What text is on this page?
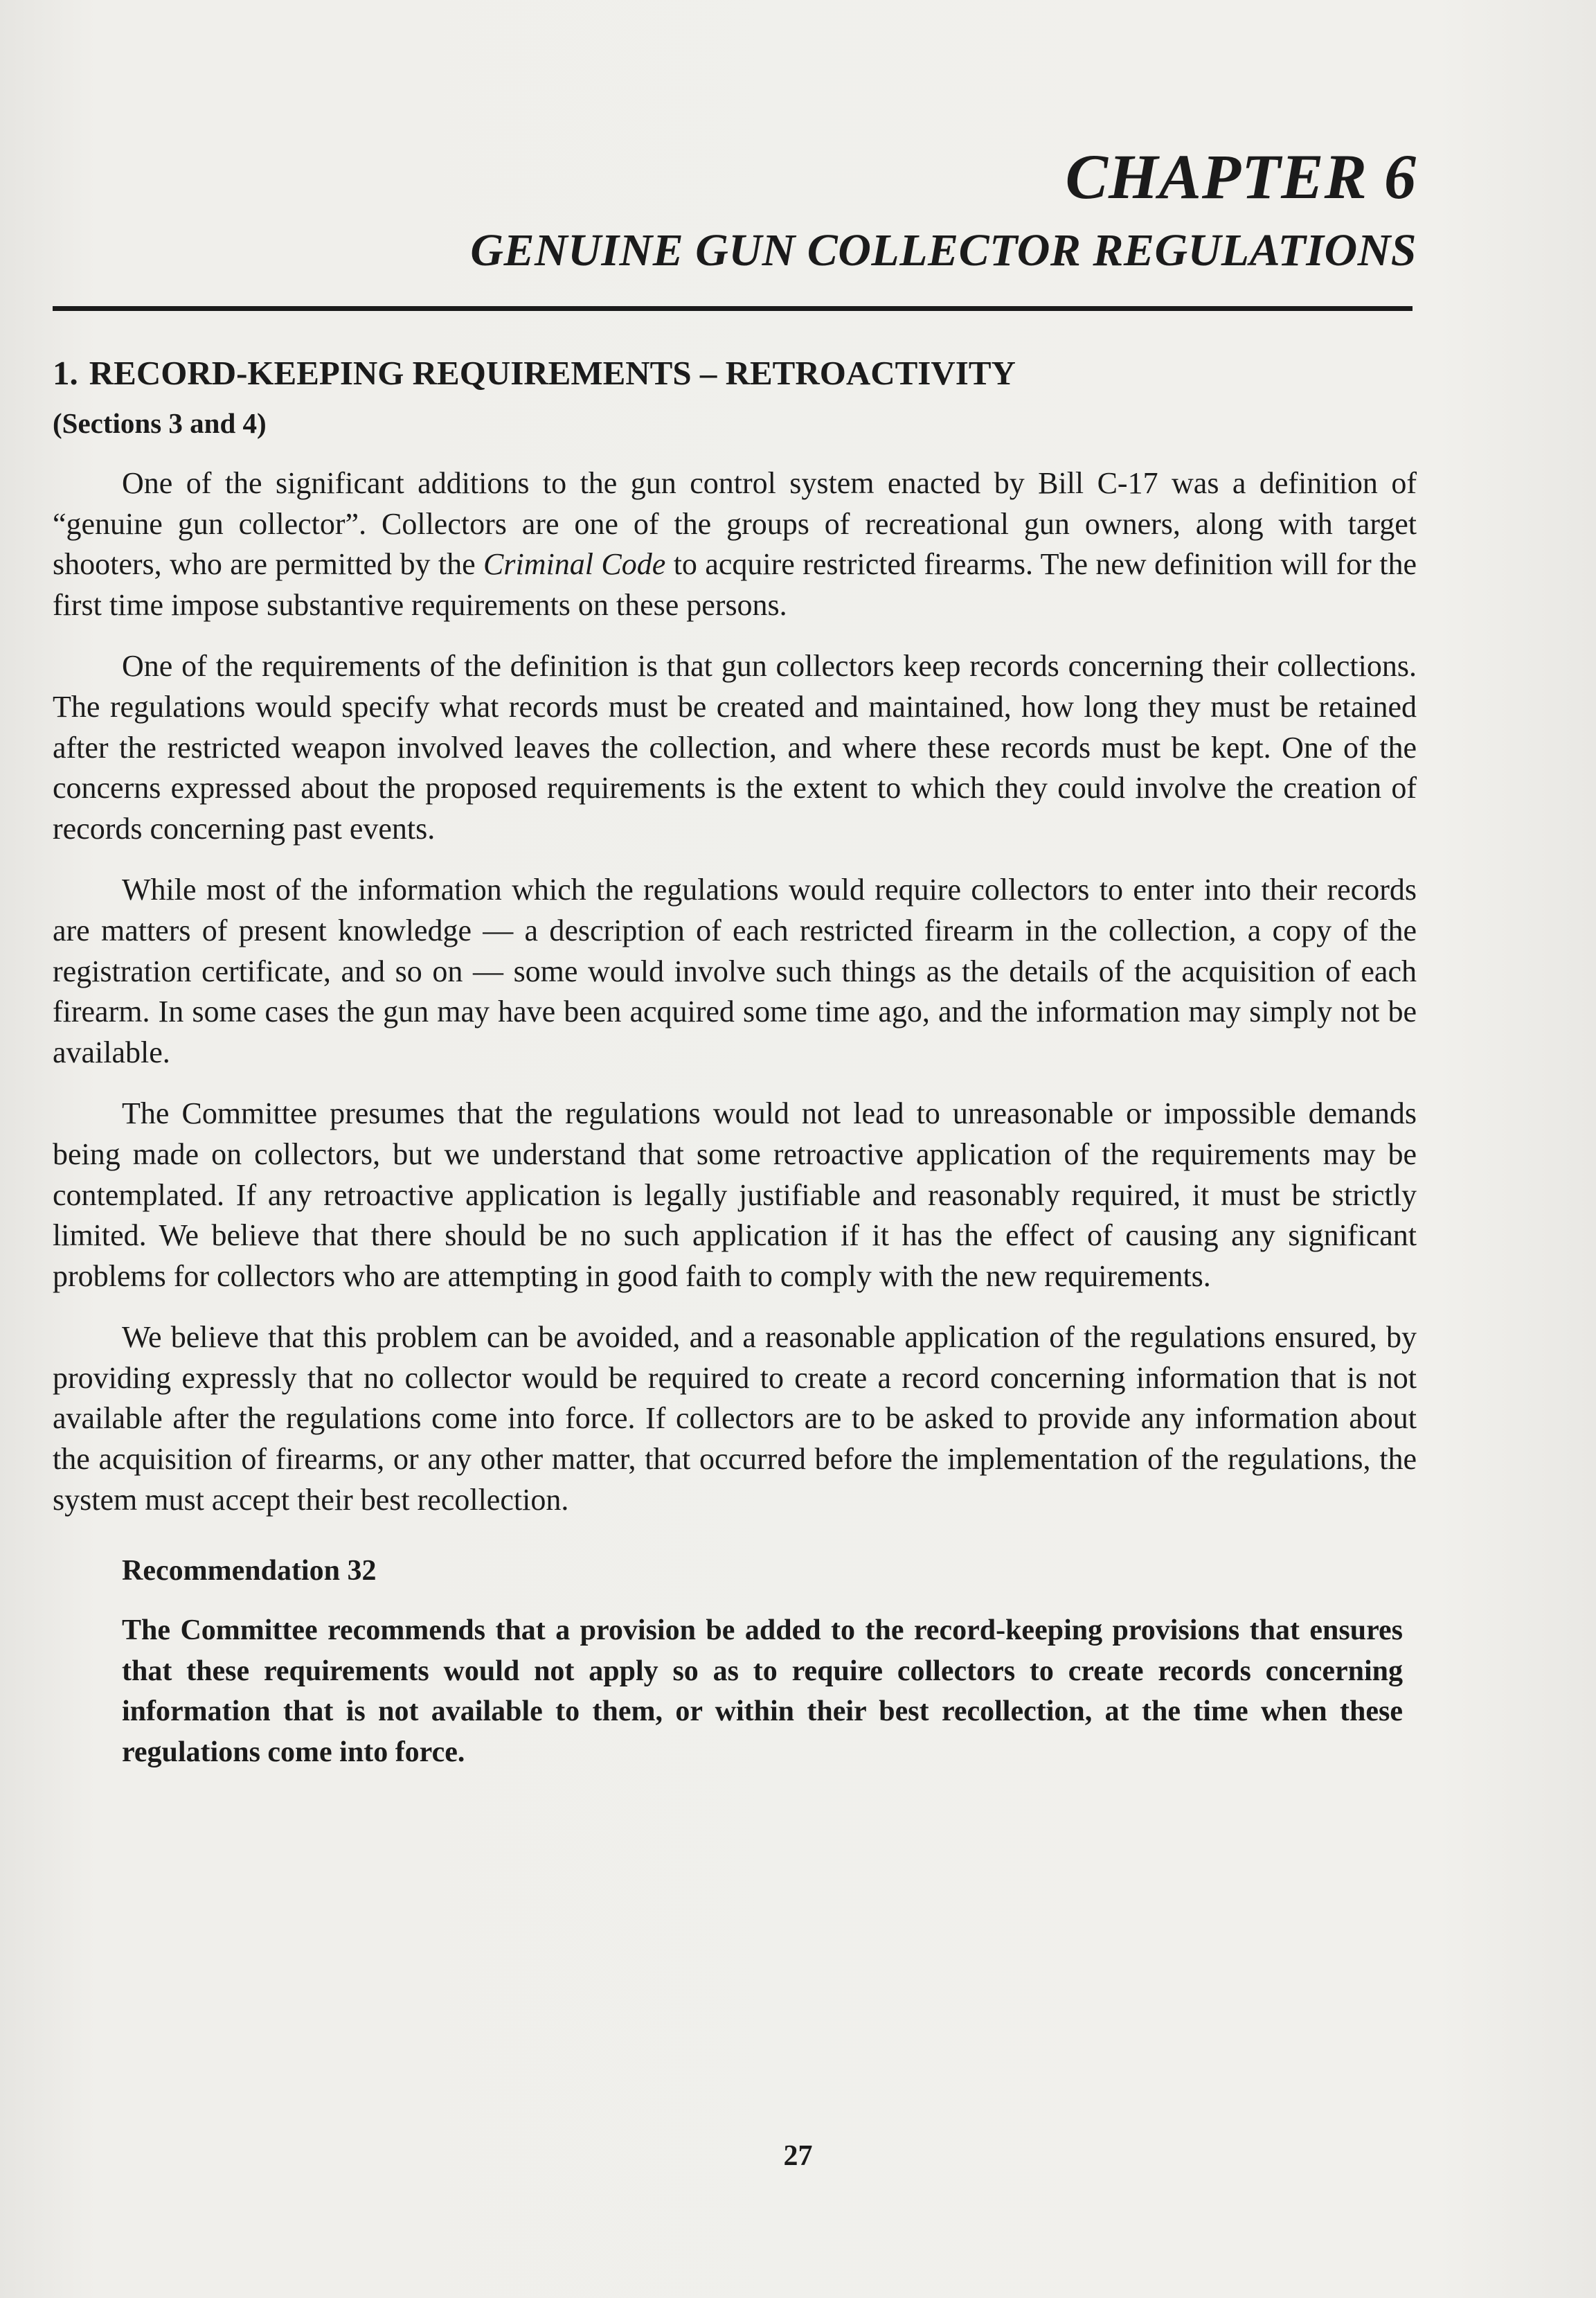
CHAPTER 6
GENUINE GUN COLLECTOR REGULATIONS
1. RECORD-KEEPING REQUIREMENTS – RETROACTIVITY
(Sections 3 and 4)

One of the significant additions to the gun control system enacted by Bill C-17 was a definition of “genuine gun collector”. Collectors are one of the groups of recreational gun owners, along with target shooters, who are permitted by the Criminal Code to acquire restricted firearms. The new definition will for the first time impose substantive requirements on these persons.

One of the requirements of the definition is that gun collectors keep records concerning their collections. The regulations would specify what records must be created and maintained, how long they must be retained after the restricted weapon involved leaves the collection, and where these records must be kept. One of the concerns expressed about the proposed requirements is the extent to which they could involve the creation of records concerning past events.

While most of the information which the regulations would require collectors to enter into their records are matters of present knowledge — a description of each restricted firearm in the collection, a copy of the registration certificate, and so on — some would involve such things as the details of the acquisition of each firearm. In some cases the gun may have been acquired some time ago, and the information may simply not be available.

The Committee presumes that the regulations would not lead to unreasonable or impossible demands being made on collectors, but we understand that some retroactive application of the requirements may be contemplated. If any retroactive application is legally justifiable and reasonably required, it must be strictly limited. We believe that there should be no such application if it has the effect of causing any significant problems for collectors who are attempting in good faith to comply with the new requirements.

We believe that this problem can be avoided, and a reasonable application of the regulations ensured, by providing expressly that no collector would be required to create a record concerning information that is not available after the regulations come into force. If collectors are to be asked to provide any information about the acquisition of firearms, or any other matter, that occurred before the implementation of the regulations, the system must accept their best recollection.

Recommendation 32

The Committee recommends that a provision be added to the record-keeping provisions that ensures that these requirements would not apply so as to require collectors to create records concerning information that is not available to them, or within their best recollection, at the time when these regulations come into force.

27
